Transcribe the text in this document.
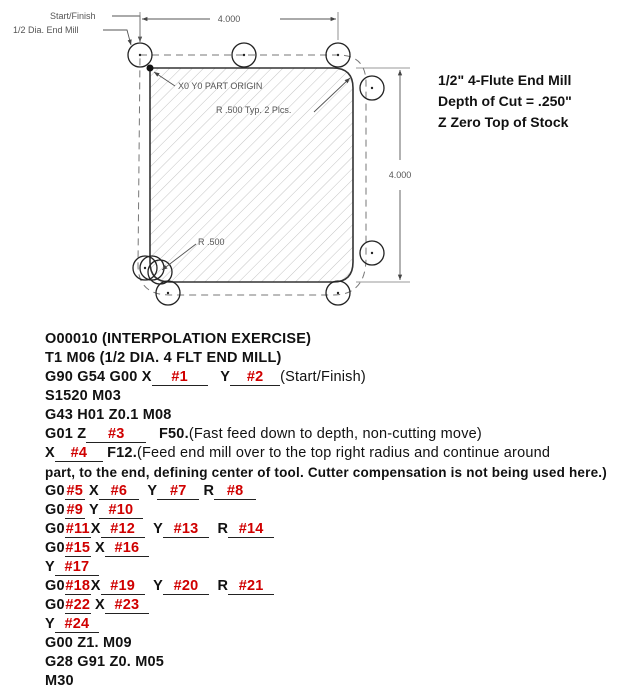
Start/Finish
1/2 Dia. End Mill
4.000
4.000
X0 Y0 PART ORIGIN
R .500 Typ. 2 Plcs.
R .500
1/2" 4-Flute End Mill
Depth of Cut = .250"
Z Zero Top of Stock
O00010 (INTERPOLATION EXERCISE)
T1 M06 (1/2 DIA. 4 FLT END MILL)
G90 G54 G00 X #1 Y #2 (Start/Finish)
S1520 M03
G43 H01 Z0.1 M08
G01 Z #3 F50.(Fast feed down to depth, non-cutting move)
X #4 F12.(Feed end mill over to the top right radius and continue around
part, to the end, defining center of tool. Cutter compensation is not being used here.)
G0 #5 X #6 Y #7 R #8
G0 #9 Y #10
G0#11X #12 Y #13 R #14
G0#15 X #16
Y #17
G0#18X #19 Y #20 R #21
G0#22 X #23
Y #24
G00 Z1. M09
G28 G91 Z0. M05
M30
